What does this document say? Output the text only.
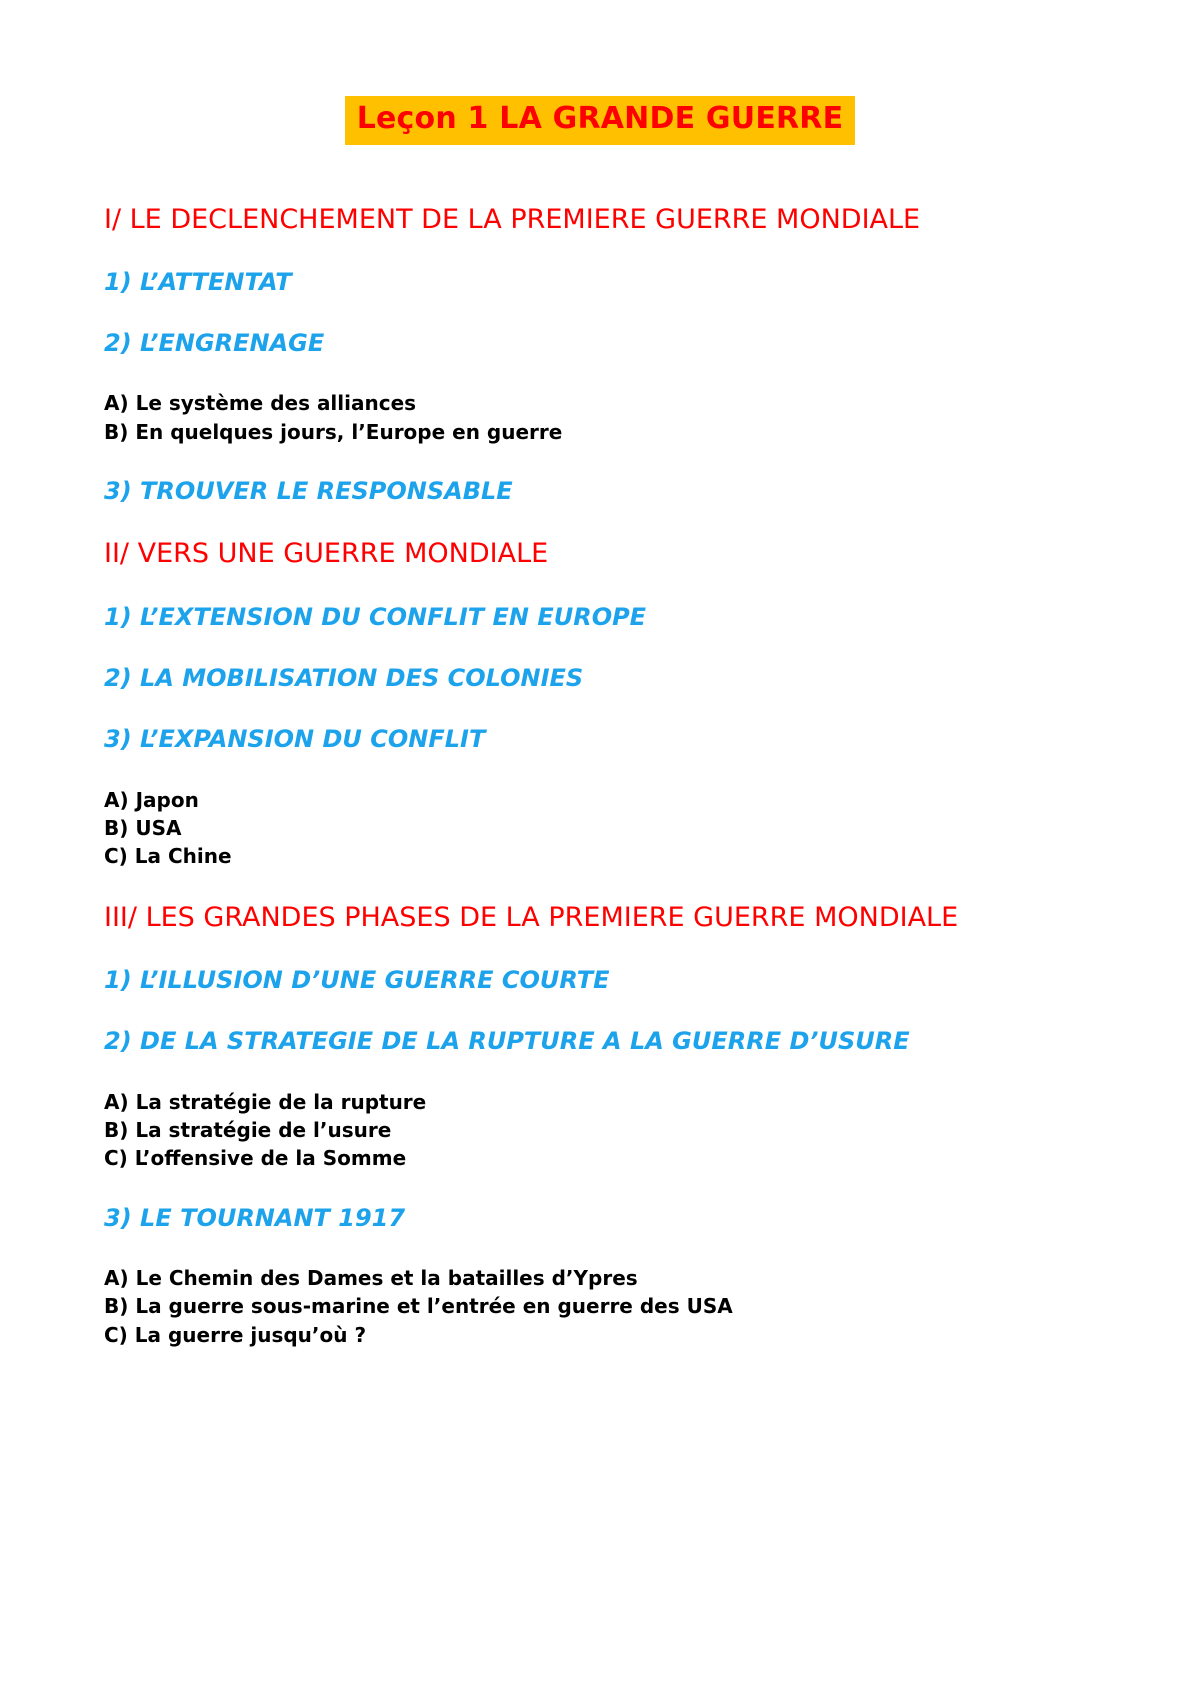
Leçon 1 LA GRANDE GUERRE
I/ LE DECLENCHEMENT DE LA PREMIERE GUERRE MONDIALE
1) L’ATTENTAT
2) L’ENGRENAGE
A) Le système des alliances
B) En quelques jours, l’Europe en guerre
3) TROUVER LE RESPONSABLE
II/ VERS UNE GUERRE MONDIALE
1) L’EXTENSION DU CONFLIT EN EUROPE
2) LA MOBILISATION DES COLONIES
3) L’EXPANSION DU CONFLIT
A) Japon
B) USA
C) La Chine
III/ LES GRANDES PHASES DE LA PREMIERE GUERRE MONDIALE
1) L’ILLUSION D’UNE GUERRE COURTE
2) DE LA STRATEGIE DE LA RUPTURE A LA GUERRE D’USURE
A) La stratégie de la rupture
B) La stratégie de l’usure
C) L’offensive de la Somme
3) LE TOURNANT 1917
A) Le Chemin des Dames et la batailles d’Ypres
B) La guerre sous-marine et l’entrée en guerre des USA
C) La guerre jusqu’où ?
